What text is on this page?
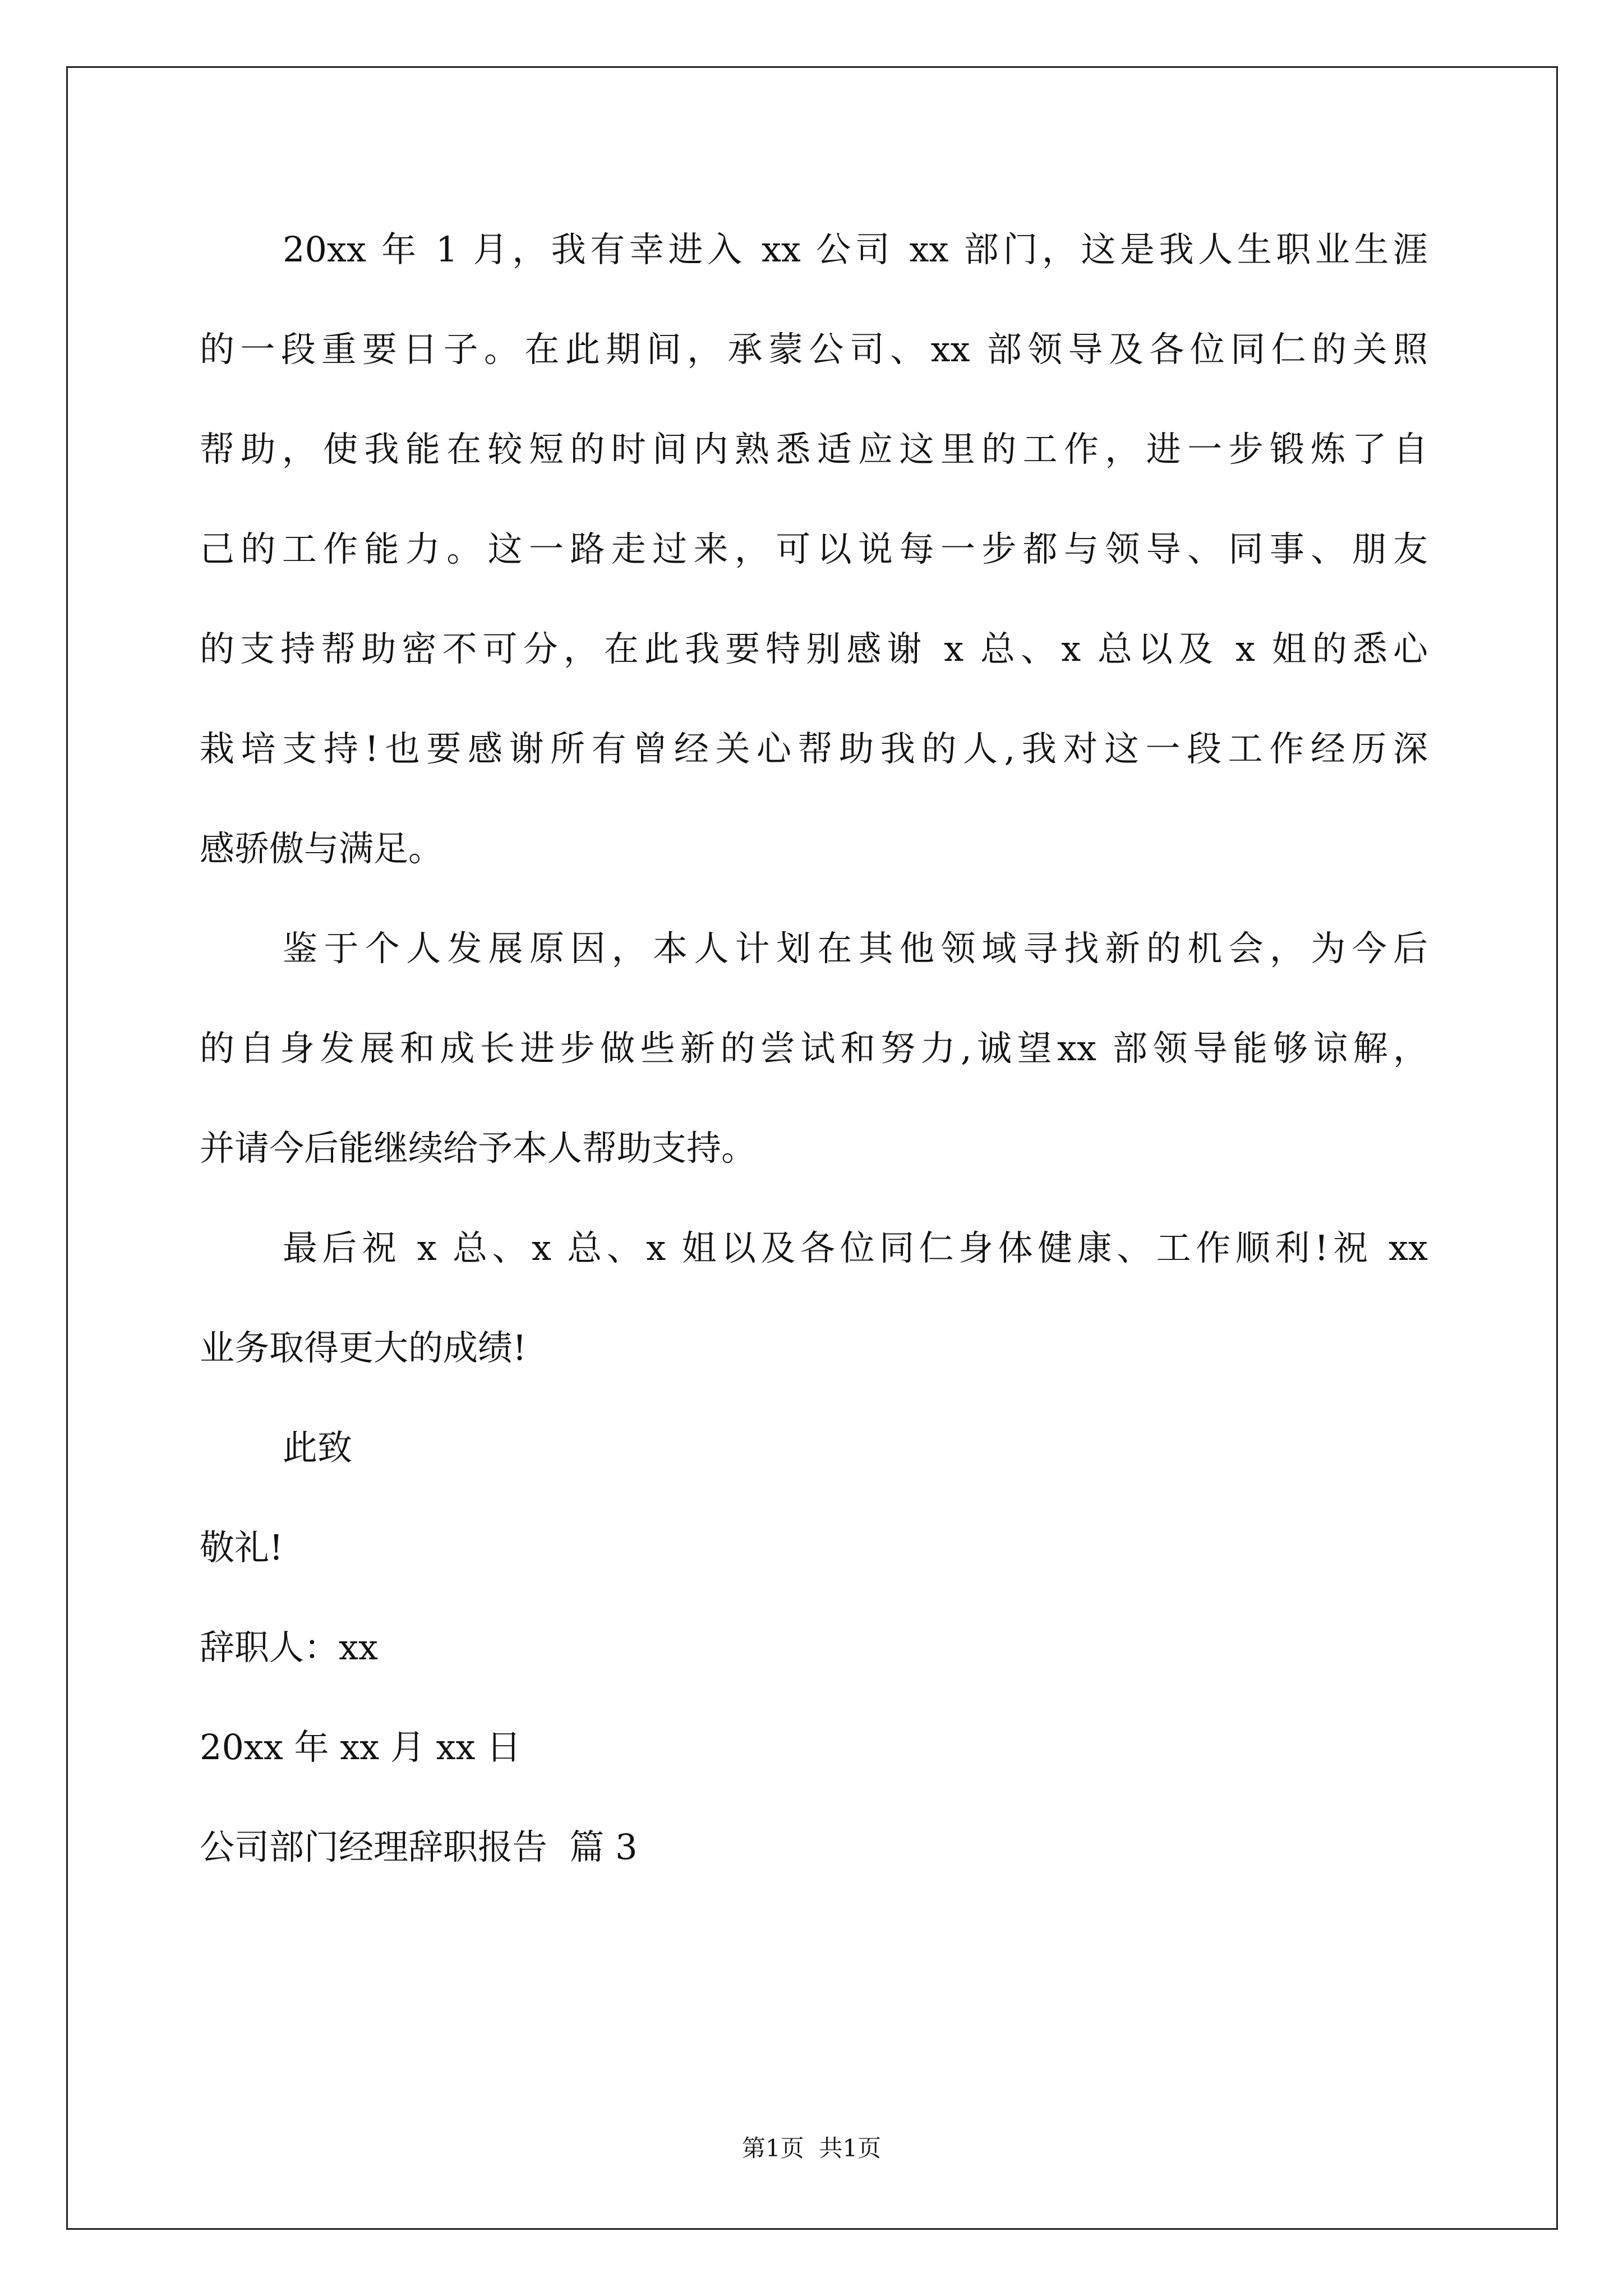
20xx 年 1 月，我有幸进入 xx 公司 xx 部门，这是我人生职业生涯
的一段重要日子。在此期间，承蒙公司、xx 部领导及各位同仁的关照
帮助，使我能在较短的时间内熟悉适应这里的工作，进一步锻炼了自
己的工作能力。这一路走过来，可以说每一步都与领导、同事、朋友
的支持帮助密不可分，在此我要特别感谢 x 总、x 总以及 x 姐的悉心
栽培支持!也要感谢所有曾经关心帮助我的人,我对这一段工作经历深
感骄傲与满足。
鉴于个人发展原因，本人计划在其他领域寻找新的机会，为今后
的自身发展和成长进步做些新的尝试和努力,诚望xx 部领导能够谅解，
并请今后能继续给予本人帮助支持。
最后祝 x 总、x 总、x 姐以及各位同仁身体健康、工作顺利!祝 xx
业务取得更大的成绩!
此致
敬礼!
辞职人：xx
20xx 年 xx 月 xx 日
公司部门经理辞职报告  篇 3
第1页  共1页
